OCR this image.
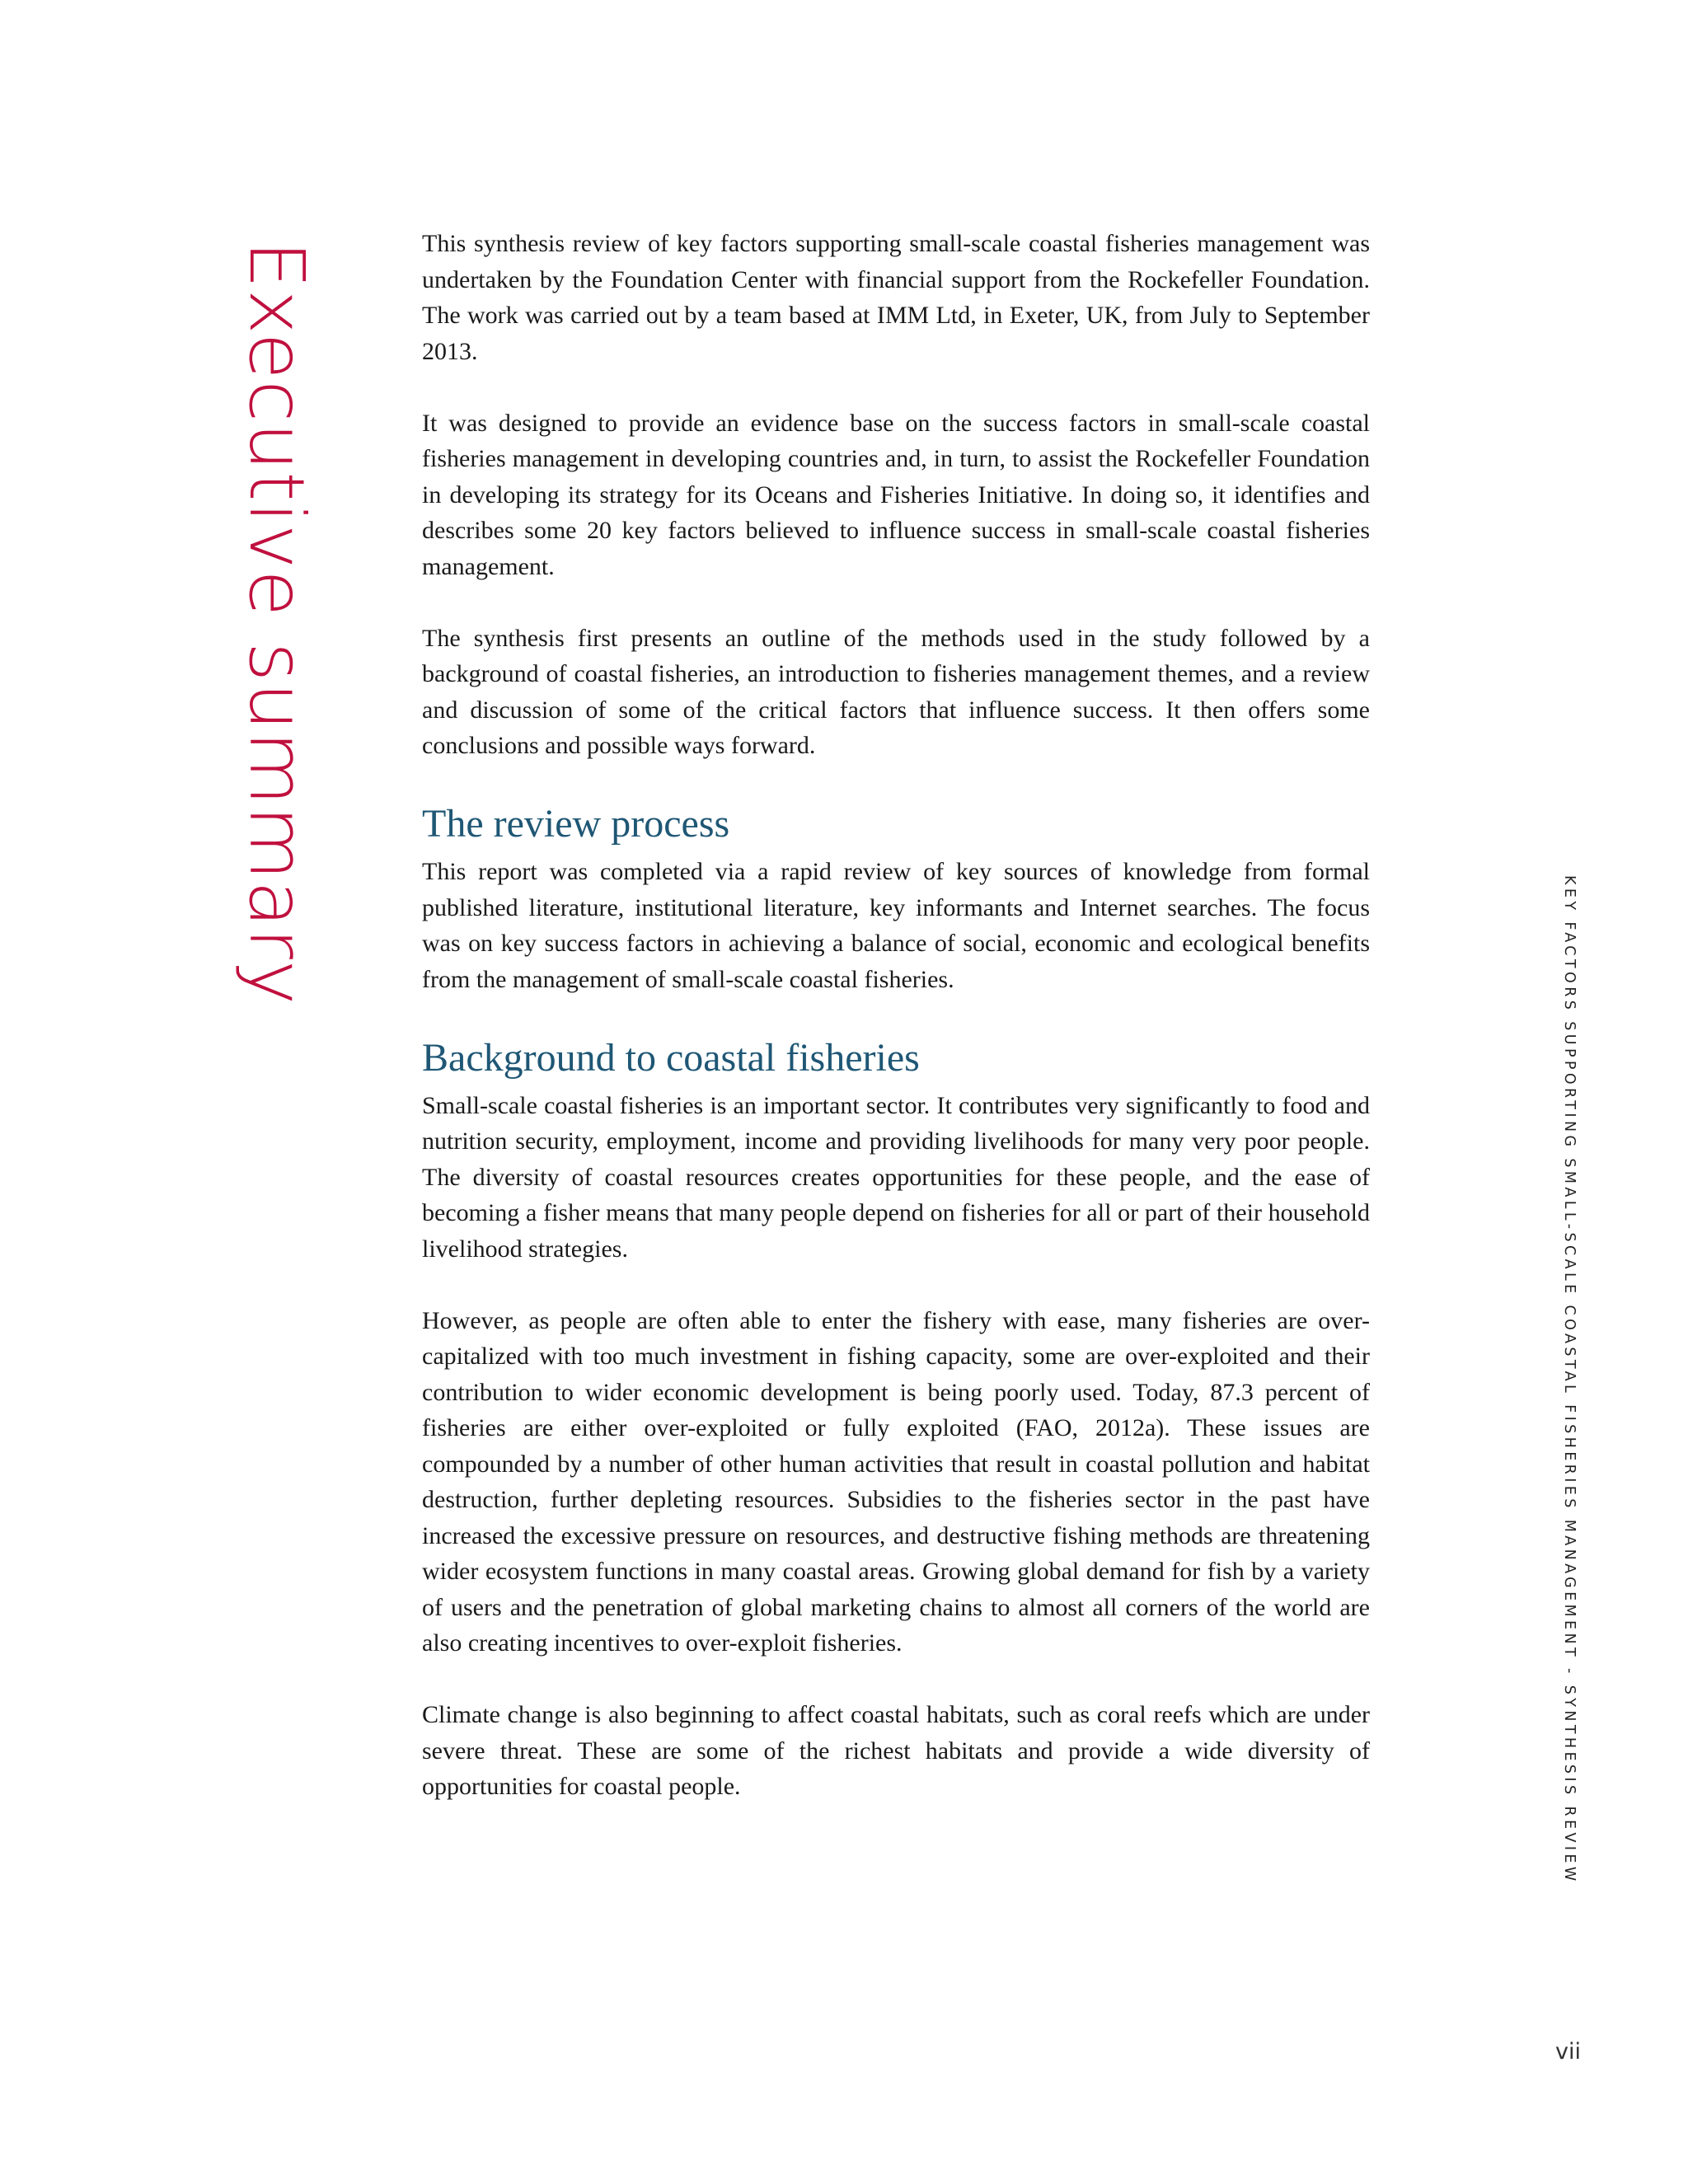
Executive summary	This synthesis review of key factors supporting small-scale coastal fisheries management was undertaken by the Foundation Center with financial support from the Rockefeller Foundation. The work was carried out by a team based at IMM Ltd, in Exeter, UK, from July to September 2013.

It was designed to provide an evidence base on the success factors in small-scale coastal fisheries management in developing countries and, in turn, to assist the Rockefeller Foundation in developing its strategy for its Oceans and Fisheries Initiative. In doing so, it identifies and describes some 20 key factors believed to influence success in small-scale coastal fisheries management.

The synthesis first presents an outline of the methods used in the study followed by a background of coastal fisheries, an introduction to fisheries management themes, and a review and discussion of some of the critical factors that influence success. It then offers some conclusions and possible ways forward.

The review process

This report was completed via a rapid review of key sources of knowledge from formal published literature, institutional literature, key informants and Internet searches. The focus was on key success factors in achieving a balance of social, economic and ecological benefits from the management of small-scale coastal fisheries.

Background to coastal fisheries

Small-scale coastal fisheries is an important sector. It contributes very significantly to food and nutrition security, employment, income and providing livelihoods for many very poor people. The diversity of coastal resources creates opportunities for these people, and the ease of becoming a fisher means that many people depend on fisheries for all or part of their household livelihood strategies.

However, as people are often able to enter the fishery with ease, many fisheries are over-capitalized with too much investment in fishing capacity, some are over-exploited and their contribution to wider economic development is being poorly used. Today, 87.3 percent of fisheries are either over-exploited or fully exploited (FAO, 2012a). These issues are compounded by a number of other human activities that result in coastal pollution and habitat destruction, further depleting resources. Subsidies to the fisheries sector in the past have increased the excessive pressure on resources, and destructive fishing methods are threatening wider ecosystem functions in many coastal areas. Growing global demand for fish by a variety of users and the penetration of global marketing chains to almost all corners of the world are also creating incentives to over-exploit fisheries.

Climate change is also beginning to affect coastal habitats, such as coral reefs which are under severe threat. These are some of the richest habitats and provide a wide diversity of opportunities for coastal people.	KEY FACTORS SUPPORTING SMALL-SCALE COASTAL FISHERIES MANAGEMENT - SYNTHESIS REVIEW
vii
